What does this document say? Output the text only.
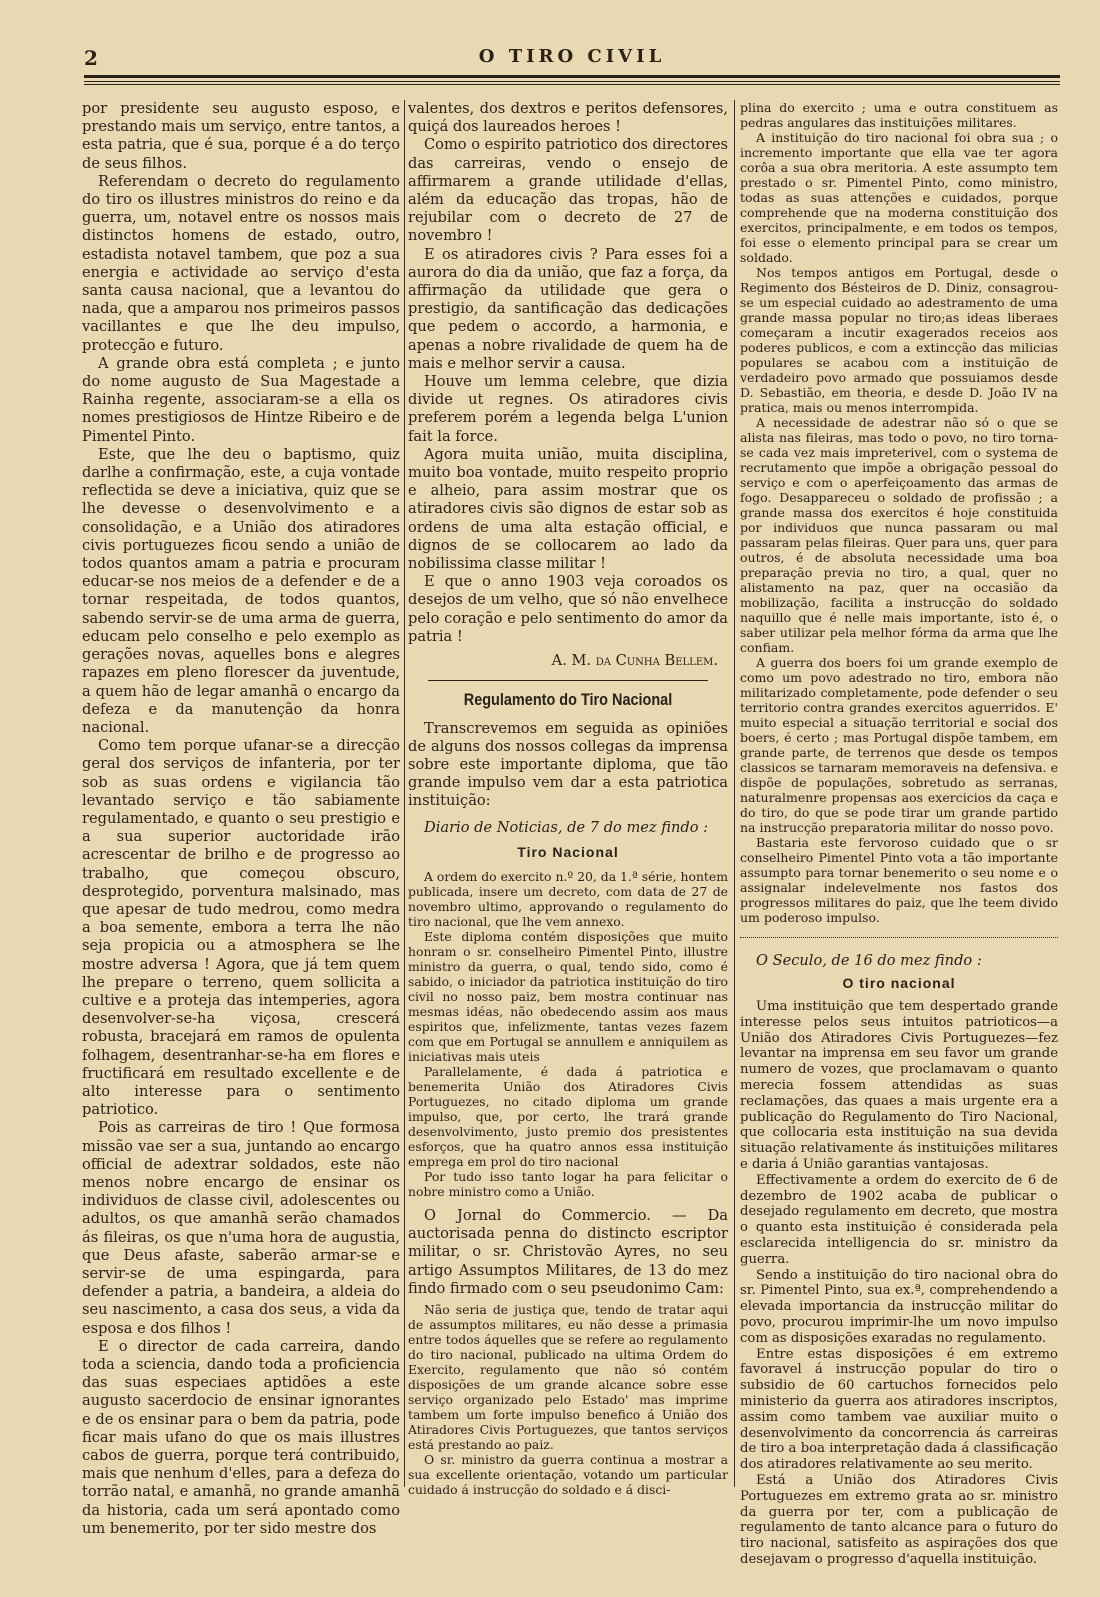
2	O TIRO CIVIL

por presidente seu augusto esposo, e prestando mais um serviço, entre tantos, a esta patria, que é sua, porque é a do terço de seus filhos.

Referendam o decreto do regulamento do tiro os illustres ministros do reino e da guerra, um, notavel entre os nossos mais distinctos homens de estado, outro, estadista notavel tambem, que poz a sua energia e actividade ao serviço d'esta santa causa nacional, que a levantou do nada, que a amparou nos primeiros passos vacillantes e que lhe deu impulso, protecção e futuro.

A grande obra está completa ; e junto do nome augusto de Sua Magestade a Rainha regente, associaram-se a ella os nomes prestigiosos de Hintze Ribeiro e de Pimentel Pinto.

Este, que lhe deu o baptismo, quiz darlhe a confirmação, este, a cuja vontade reflectida se deve a iniciativa, quiz que se lhe devesse o desenvolvimento e a consolidação, e a União dos atiradores civis portuguezes ficou sendo a união de todos quantos amam a patria e procuram educar-se nos meios de a defender e de a tornar respeitada, de todos quantos, sabendo servir-se de uma arma de guerra, educam pelo conselho e pelo exemplo as gerações novas, aquelles bons e alegres rapazes em pleno florescer da juventude, a quem hão de legar amanhã o encargo da defeza e da manutenção da honra nacional.

Como tem porque ufanar-se a direcção geral dos serviços de infanteria, por ter sob as suas ordens e vigilancia tão levantado serviço e tão sabiamente regulamentado, e quanto o seu prestigio e a sua superior auctoridade irão acrescentar de brilho e de progresso ao trabalho, que começou obscuro, desprotegido, porventura malsinado, mas que apesar de tudo medrou, como medra a boa semente, embora a terra lhe não seja propicia ou a atmosphera se lhe mostre adversa ! Agora, que já tem quem lhe prepare o terreno, quem sollicita a cultive e a proteja das intemperies, agora desenvolver-se-ha viçosa, crescerá robusta, bracejará em ramos de opulenta folhagem, desentranhar-se-ha em flores e fructificará em resultado excellente e de alto interesse para o sentimento patriotico.

Pois as carreiras de tiro ! Que formosa missão vae ser a sua, juntando ao encargo official de adextrar soldados, este não menos nobre encargo de ensinar os individuos de classe civil, adolescentes ou adultos, os que amanhã serão chamados ás fileiras, os que n'uma hora de augustia, que Deus afaste, saberão armar-se e servir-se de uma espingarda, para defender a patria, a bandeira, a aldeia do seu nascimento, a casa dos seus, a vida da esposa e dos filhos !

E o director de cada carreira, dando toda a sciencia, dando toda a proficiencia das suas especiaes aptidões a este augusto sacerdocio de ensinar ignorantes e de os ensinar para o bem da patria, pode ficar mais ufano do que os mais illustres cabos de guerra, porque terá contribuido, mais que nenhum d'elles, para a defeza do torrão natal, e amanhã, no grande amanhã da historia, cada um será apontado como um benemerito, por ter sido mestre dos

valentes, dos dextros e peritos defensores, quiçá dos laureados heroes !

Como o espirito patriotico dos directores das carreiras, vendo o ensejo de affirmarem a grande utilidade d'ellas, além da educação das tropas, hão de rejubilar com o decreto de 27 de novembro !

E os atiradores civis ? Para esses foi a aurora do dia da união, que faz a força, da affirmação da utilidade que gera o prestigio, da santificação das dedicações que pedem o accordo, a harmonia, e apenas a nobre rivalidade de quem ha de mais e melhor servir a causa.

Houve um lemma celebre, que dizia divide ut regnes. Os atiradores civis preferem porém a legenda belga L'union fait la force.

Agora muita união, muita disciplina, muito boa vontade, muito respeito proprio e alheio, para assim mostrar que os atiradores civis são dignos de estar sob as ordens de uma alta estação official, e dignos de se collocarem ao lado da nobilissima classe militar !

E que o anno 1903 veja coroados os desejos de um velho, que só não envelhece pelo coração e pelo sentimento do amor da patria !

A. M. da Cunha Bellem.

Regulamento do Tiro Nacional

Transcrevemos em seguida as opiniões de alguns dos nossos collegas da imprensa sobre este importante diploma, que tão grande impulso vem dar a esta patriotica instituição:

Diario de Noticias, de 7 do mez findo :

Tiro Nacional

A ordem do exercito n.º 20, da 1.ª série, hontem publicada, insere um decreto, com data de 27 de novembro ultimo, approvando o regulamento do tiro nacional, que lhe vem annexo.

Este diploma contém disposições que muito honram o sr. conselheiro Pimentel Pinto, illustre ministro da guerra, o qual, tendo sido, como é sabido, o iniciador da patriotica instituição do tiro civil no nosso paiz, bem mostra continuar nas mesmas idéas, não obedecendo assim aos maus espiritos que, infelizmente, tantas vezes fazem com que em Portugal se annullem e anniquilem as iniciativas mais uteis

Parallelamente, é dada á patriotica e benemerita União dos Atiradores Civis Portuguezes, no citado diploma um grande impulso, que, por certo, lhe trará grande desenvolvimento, justo premio dos presistentes esforços, que ha quatro annos essa instituição emprega em prol do tiro nacional

Por tudo isso tanto logar ha para felicitar o nobre ministro como a União.

O Jornal do Commercio. — Da auctorisada penna do distincto escriptor militar, o sr. Christovão Ayres, no seu artigo Assumptos Militares, de 13 do mez findo firmado com o seu pseudonimo Cam:

Não seria de justiça que, tendo de tratar aqui de assumptos militares, eu não desse a primasia entre todos áquelles que se refere ao regulamento do tiro nacional, publicado na ultima Ordem do Exercito, regulamento que não só contém disposições de um grande alcance sobre esse serviço organizado pelo Estado' mas imprime tambem um forte impulso benefico á União dos Atiradores Civis Portuguezes, que tantos serviços está prestando ao paiz.

O sr. ministro da guerra continua a mostrar a sua excellente orientação, votando um particular cuidado á instrucção do soldado e á disci-

plina do exercito ; uma e outra constituem as pedras angulares das instituições militares.

A instituição do tiro nacional foi obra sua ; o incremento importante que ella vae ter agora corôa a sua obra meritoria. A este assumpto tem prestado o sr. Pimentel Pinto, como ministro, todas as suas attenções e cuidados, porque comprehende que na moderna constituição dos exercitos, principalmente, e em todos os tempos, foi esse o elemento principal para se crear um soldado.

Nos tempos antigos em Portugal, desde o Regimento dos Bésteiros de D. Diniz, consagrou-se um especial cuidado ao adestramento de uma grande massa popular no tiro;as ideas liberaes começaram a incutir exagerados receios aos poderes publicos, e com a extincção das milicias populares se acabou com a instituição de verdadeiro povo armado que possuiamos desde D. Sebastião, em theoria, e desde D. João IV na pratica, mais ou menos interrompida.

A necessidade de adestrar não só o que se alista nas fileiras, mas todo o povo, no tiro torna-se cada vez mais impreterivel, com o systema de recrutamento que impõe a obrigação pessoal do serviço e com o aperfeiçoamento das armas de fogo. Desappareceu o soldado de profissão ; a grande massa dos exercitos é hoje constituida por individuos que nunca passaram ou mal passaram pelas fileiras. Quer para uns, quer para outros, é de absoluta necessidade uma boa preparação previa no tiro, a qual, quer no alistamento na paz, quer na occasião da mobilização, facilita a instrucção do soldado naquillo que é nelle mais importante, isto é, o saber utilizar pela melhor fórma da arma que lhe confiam.

A guerra dos boers foi um grande exemplo de como um povo adestrado no tiro, embora não militarizado completamente, pode defender o seu territorio contra grandes exercitos aguerridos. E' muito especial a situação territorial e social dos boers, é certo ; mas Portugal dispõe tambem, em grande parte, de terrenos que desde os tempos classicos se tarnaram memoraveis na defensiva. e dispõe de populações, sobretudo as serranas, naturalmenre propensas aos exercicios da caça e do tiro, do que se pode tirar um grande partido na instrucção preparatoria militar do nosso povo.

Bastaria este fervoroso cuidado que o sr conselheiro Pimentel Pinto vota a tão importante assumpto para tornar benemerito o seu nome e o assignalar indelevelmente nos fastos dos progressos militares do paiz, que lhe teem divido um poderoso impulso.

O Seculo, de 16 do mez findo :

O tiro nacional

Uma instituição que tem despertado grande interesse pelos seus intuitos patrioticos—a União dos Atiradores Civis Portuguezes—fez levantar na imprensa em seu favor um grande numero de vozes, que proclamavam o quanto merecia fossem attendidas as suas reclamações, das quaes a mais urgente era a publicação do Regulamento do Tiro Nacional, que collocaria esta instituição na sua devida situação relativamente ás instituições militares e daria á União garantias vantajosas.

Effectivamente a ordem do exercito de 6 de dezembro de 1902 acaba de publicar o desejado regulamento em decreto, que mostra o quanto esta instituição é considerada pela esclarecida intelligencia do sr. ministro da guerra.

Sendo a instituição do tiro nacional obra do sr. Pimentel Pinto, sua ex.ª, comprehendendo a elevada importancia da instrucção militar do povo, procurou imprimir-lhe um novo impulso com as disposições exaradas no regulamento.

Entre estas disposições é em extremo favoravel á instrucção popular do tiro o subsidio de 60 cartuchos fornecidos pelo ministerio da guerra aos atiradores inscriptos, assim como tambem vae auxiliar muito o desenvolvimento da concorrencia ás carreiras de tiro a boa interpretação dada á classificação dos atiradores relativamente ao seu merito.

Está a União dos Atiradores Civis Portuguezes em extremo grata ao sr. ministro da guerra por ter, com a publicação de regulamento de tanto alcance para o futuro do tiro nacional, satisfeito as aspirações dos que desejavam o progresso d'aquella instituição.
